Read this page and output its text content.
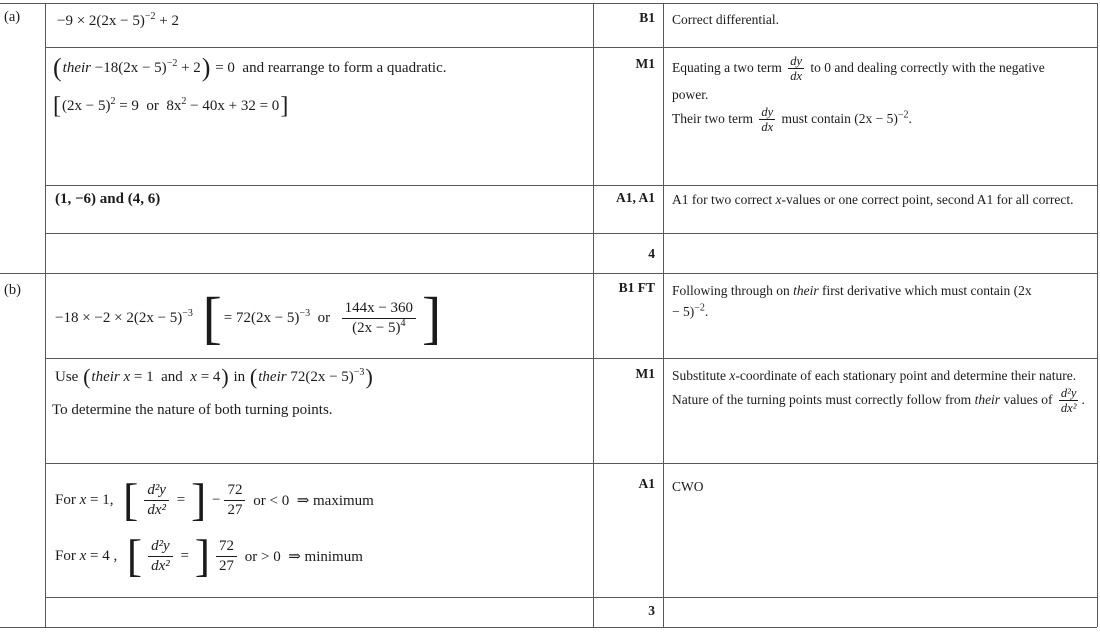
(a)
(b)
$-9 \times 2(2x - 5)^{-2} + 2$	B1 Correct differential.
( their $-18(2x - 5)^{-2} + 2$ ) = 0  and rearrange to form a quadratic.
[ $(2x - 5)^2 = 9$  or  $8x^2 - 40x + 32 = 0$ ]
M1 Equating a two term $\frac{dy}{dx}$ to 0 and dealing correctly with the negative power.
Their two term $\frac{dy}{dx}$ must contain $(2x - 5)^{-2}$.
(1, −6) and (4, 6)	A1, A1 A1 for two correct x-values or one correct point, second A1 for all correct.
4
$-18 \times -2 \times 2(2x - 5)^{-3}$ [ = $72(2x - 5)^{-3}$  or $\frac{144x - 360}{(2x - 5)^4}$ ]	B1 FT Following through on their first derivative which must contain $(2x - 5)^{-2}$.
Use ( their x = 1  and  x = 4 ) in ( their $72(2x - 5)^{-3}$ )
To determine the nature of both turning points.
M1 Substitute x-coordinate of each stationary point and determine their nature. Nature of the turning points must correctly follow from their values of $\frac{\text{d²y}}{\text{dx²}}$ .
For x = 1, [ $\frac{\text{d²y}}{\text{dx²}}$ = ] − $\frac{72}{27}$ or < 0  ⇒ maximum
For x = 4 , [ $\frac{\text{d²y}}{\text{dx²}}$ = ] $\frac{72}{27}$ or > 0  ⇒ minimum
A1 CWO
3
